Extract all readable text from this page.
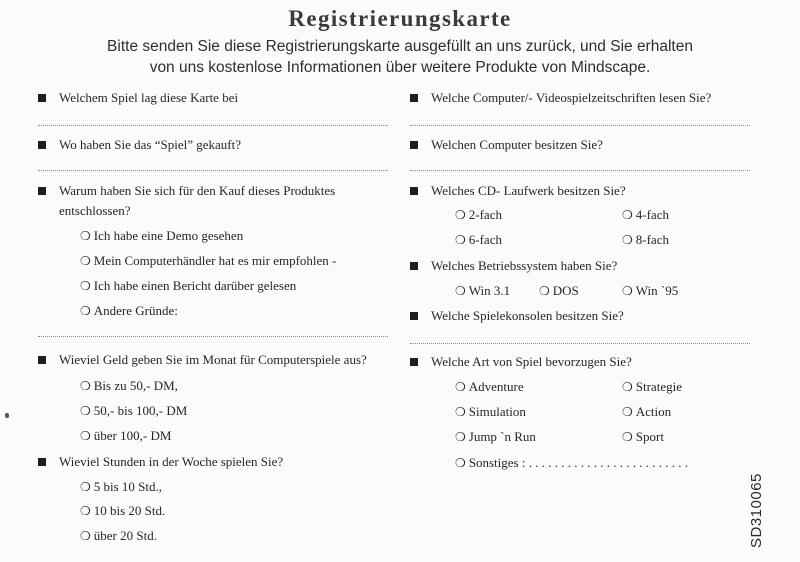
Registrierungskarte
Bitte senden Sie diese Registrierungskarte ausgefüllt an uns zurück, und Sie erhalten
von uns kostenlose Informationen über weitere Produkte von Mindscape.
Welchem Spiel lag diese Karte bei
Wo haben Sie das “Spiel” gekauft?
Warum haben Sie sich für den Kauf dieses Produktes
entschlossen?
❍ Ich habe eine Demo gesehen
❍ Mein Computerhändler hat es mir empfohlen -
❍ Ich habe einen Bericht darüber gelesen
❍ Andere Gründe:
Wieviel Geld geben Sie im Monat für Computerspiele aus?
❍ Bis zu 50,- DM,
❍ 50,- bis 100,- DM
❍ über 100,- DM
Wieviel Stunden in der Woche spielen Sie?
❍ 5 bis 10 Std.,
❍ 10 bis 20 Std.
❍ über 20 Std.
Welche Computer/- Videospielzeitschriften lesen Sie?
Welchen Computer besitzen Sie?
Welches CD- Laufwerk besitzen Sie?
❍ 2-fach	❍ 4-fach
❍ 6-fach	❍ 8-fach
Welches Betriebssystem haben Sie?
❍ Win 3.1 ❍ DOS	❍ Win `95
Welche Spielekonsolen besitzen Sie?
Welche Art von Spiel bevorzugen Sie?
❍ Adventure	❍ Strategie
❍ Simulation	❍ Action
❍ Jump `n Run	❍ Sport
❍ Sonstiges : . . . . . . . . . . . . . . . . . . . . . . . . .
SD310065
